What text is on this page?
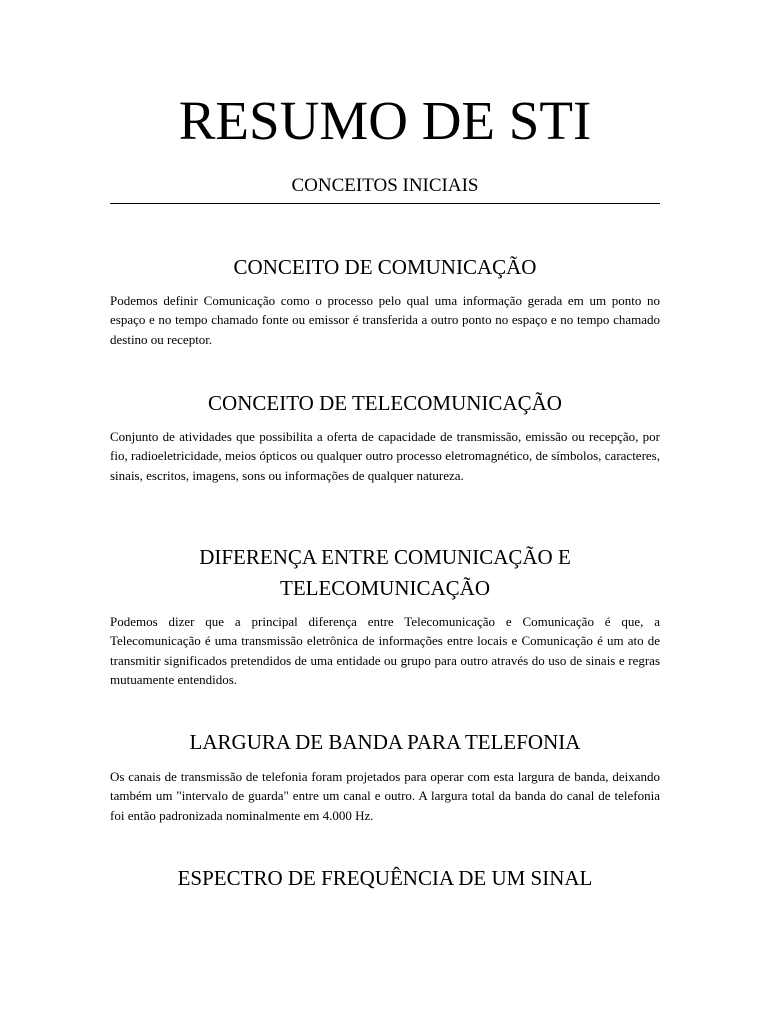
RESUMO DE STI
CONCEITOS INICIAIS
CONCEITO DE COMUNICAÇÃO

Podemos definir Comunicação como o processo pelo qual uma informação gerada em um ponto no espaço e no tempo chamado fonte ou emissor é transferida a outro ponto no espaço e no tempo chamado destino ou receptor.

CONCEITO DE TELECOMUNICAÇÃO

Conjunto de atividades que possibilita a oferta de capacidade de transmissão, emissão ou recepção, por fio, radioeletricidade, meios ópticos ou qualquer outro processo eletromagnético, de símbolos, caracteres, sinais, escritos, imagens, sons ou informações de qualquer natureza.

DIFERENÇA ENTRE COMUNICAÇÃO E TELECOMUNICAÇÃO

Podemos dizer que a principal diferença entre Telecomunicação e Comunicação é que, a Telecomunicação é uma transmissão eletrônica de informações entre locais e Comunicação é um ato de transmitir significados pretendidos de uma entidade ou grupo para outro através do uso de sinais e regras mutuamente entendidos.

LARGURA DE BANDA PARA TELEFONIA

Os canais de transmissão de telefonia foram projetados para operar com esta largura de banda, deixando também um "intervalo de guarda" entre um canal e outro. A largura total da banda do canal de telefonia foi então padronizada nominalmente em 4.000 Hz.

ESPECTRO DE FREQUÊNCIA DE UM SINAL
